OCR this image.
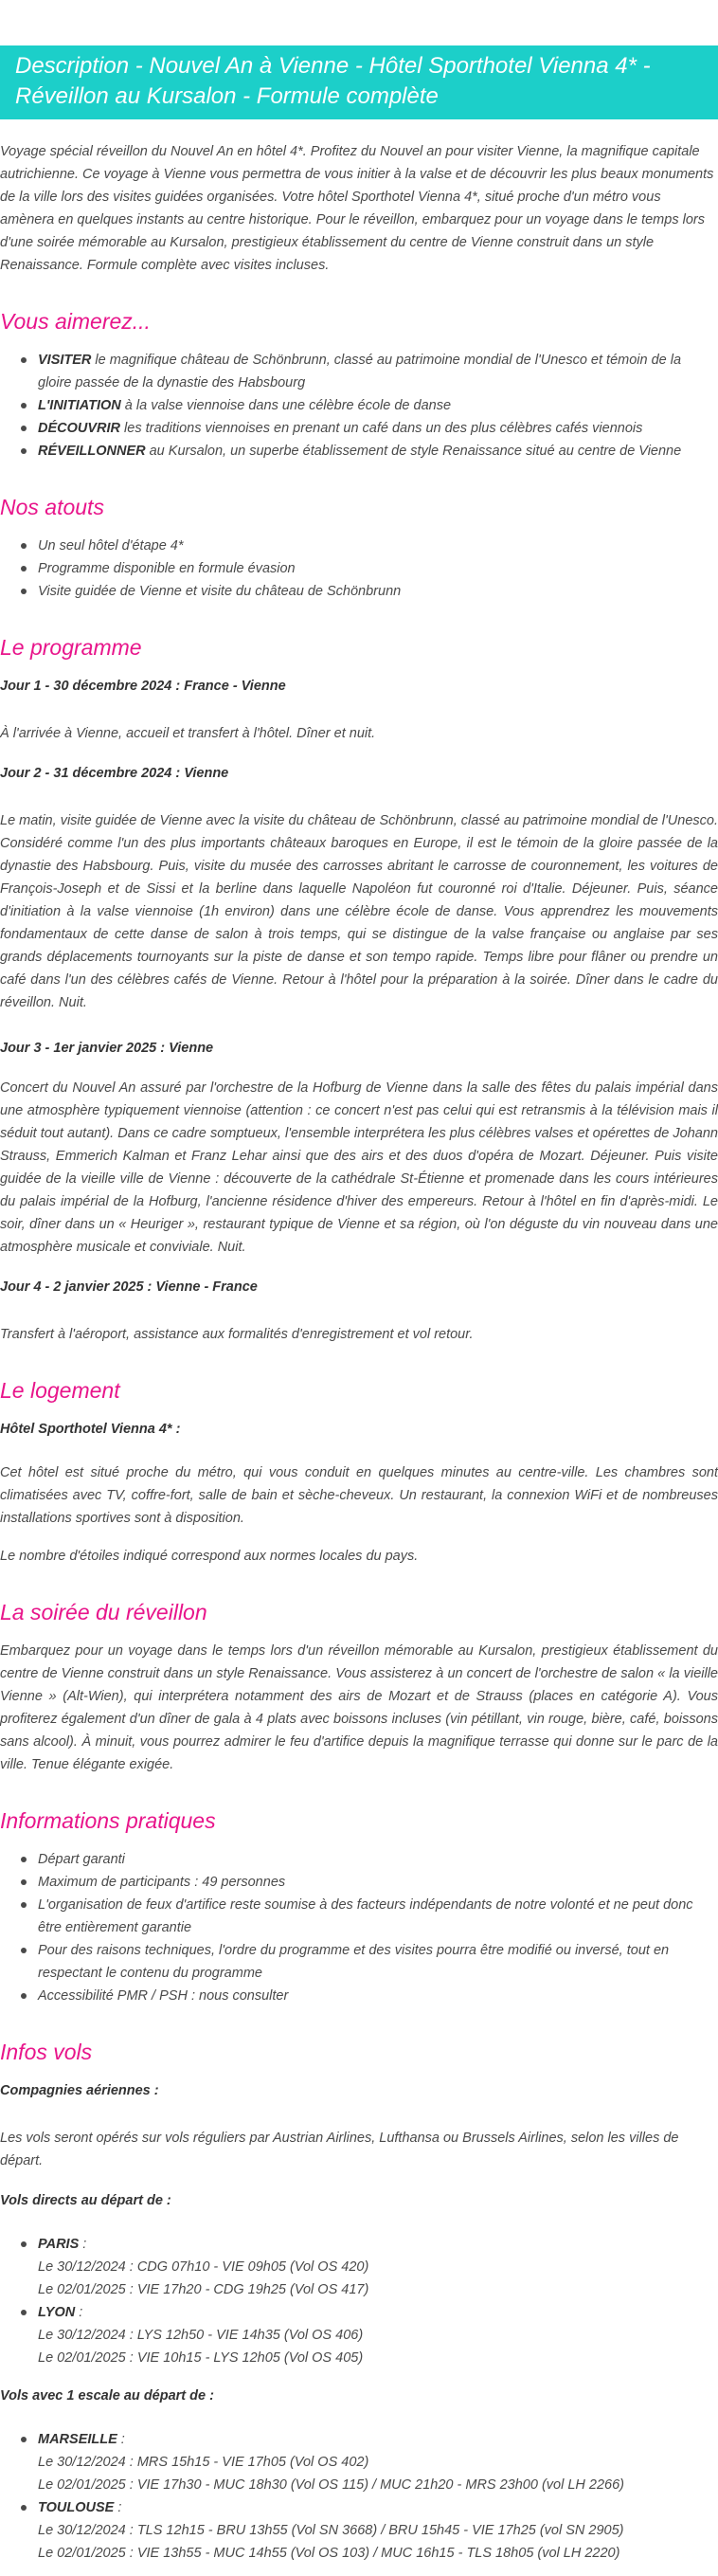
Description - Nouvel An à Vienne - Hôtel Sporthotel Vienna 4* - Réveillon au Kursalon - Formule complète

Voyage spécial réveillon du Nouvel An en hôtel 4*. Profitez du Nouvel an pour visiter Vienne, la magnifique capitale autrichienne. Ce voyage à Vienne vous permettra de vous initier à la valse et de découvrir les plus beaux monuments de la ville lors des visites guidées organisées. Votre hôtel Sporthotel Vienna 4*, situé proche d'un métro vous amènera en quelques instants au centre historique. Pour le réveillon, embarquez pour un voyage dans le temps lors d'une soirée mémorable au Kursalon, prestigieux établissement du centre de Vienne construit dans un style Renaissance. Formule complète avec visites incluses.

Vous aimerez...
VISITER le magnifique château de Schönbrunn, classé au patrimoine mondial de l'Unesco et témoin de la gloire passée de la dynastie des Habsbourg
L'INITIATION à la valse viennoise dans une célèbre école de danse
DÉCOUVRIR les traditions viennoises en prenant un café dans un des plus célèbres cafés viennois
RÉVEILLONNER au Kursalon, un superbe établissement de style Renaissance situé au centre de Vienne
Nos atouts
Un seul hôtel d'étape 4*
Programme disponible en formule évasion
Visite guidée de Vienne et visite du château de Schönbrunn
Le programme
Jour 1 - 30 décembre 2024 : France - Vienne

À l'arrivée à Vienne, accueil et transfert à l'hôtel. Dîner et nuit.

Jour 2 - 31 décembre 2024 : Vienne

Le matin, visite guidée de Vienne avec la visite du château de Schönbrunn, classé au patrimoine mondial de l'Unesco. Considéré comme l'un des plus importants châteaux baroques en Europe, il est le témoin de la gloire passée de la dynastie des Habsbourg. Puis, visite du musée des carrosses abritant le carrosse de couronnement, les voitures de François-Joseph et de Sissi et la berline dans laquelle Napoléon fut couronné roi d'Italie. Déjeuner. Puis, séance d'initiation à la valse viennoise (1h environ) dans une célèbre école de danse. Vous apprendrez les mouvements fondamentaux de cette danse de salon à trois temps, qui se distingue de la valse française ou anglaise par ses grands déplacements tournoyants sur la piste de danse et son tempo rapide. Temps libre pour flâner ou prendre un café dans l'un des célèbres cafés de Vienne. Retour à l'hôtel pour la préparation à la soirée. Dîner dans le cadre du réveillon. Nuit.

Jour 3 - 1er janvier 2025 : Vienne

Concert du Nouvel An assuré par l'orchestre de la Hofburg de Vienne dans la salle des fêtes du palais impérial dans une atmosphère typiquement viennoise (attention : ce concert n'est pas celui qui est retransmis à la télévision mais il séduit tout autant). Dans ce cadre somptueux, l'ensemble interprétera les plus célèbres valses et opérettes de Johann Strauss, Emmerich Kalman et Franz Lehar ainsi que des airs et des duos d'opéra de Mozart. Déjeuner. Puis visite guidée de la vieille ville de Vienne : découverte de la cathédrale St-Étienne et promenade dans les cours intérieures du palais impérial de la Hofburg, l'ancienne résidence d'hiver des empereurs. Retour à l'hôtel en fin d'après-midi. Le soir, dîner dans un « Heuriger », restaurant typique de Vienne et sa région, où l'on déguste du vin nouveau dans une atmosphère musicale et conviviale. Nuit.

Jour 4 - 2 janvier 2025 : Vienne - France

Transfert à l'aéroport, assistance aux formalités d'enregistrement et vol retour.

Le logement
Hôtel Sporthotel Vienna 4* :

Cet hôtel est situé proche du métro, qui vous conduit en quelques minutes au centre-ville. Les chambres sont climatisées avec TV, coffre-fort, salle de bain et sèche-cheveux. Un restaurant, la connexion WiFi et de nombreuses installations sportives sont à disposition.

Le nombre d'étoiles indiqué correspond aux normes locales du pays.

La soirée du réveillon

Embarquez pour un voyage dans le temps lors d'un réveillon mémorable au Kursalon, prestigieux établissement du centre de Vienne construit dans un style Renaissance. Vous assisterez à un concert de l'orchestre de salon « la vieille Vienne » (Alt-Wien), qui interprétera notamment des airs de Mozart et de Strauss (places en catégorie A). Vous profiterez également d'un dîner de gala à 4 plats avec boissons incluses (vin pétillant, vin rouge, bière, café, boissons sans alcool). À minuit, vous pourrez admirer le feu d'artifice depuis la magnifique terrasse qui donne sur le parc de la ville. Tenue élégante exigée.

Informations pratiques
Départ garanti
Maximum de participants : 49 personnes
L'organisation de feux d'artifice reste soumise à des facteurs indépendants de notre volonté et ne peut donc être entièrement garantie
Pour des raisons techniques, l'ordre du programme et des visites pourra être modifié ou inversé, tout en respectant le contenu du programme
Accessibilité PMR / PSH : nous consulter
Infos vols
Compagnies aériennes :

Les vols seront opérés sur vols réguliers par Austrian Airlines, Lufthansa ou Brussels Airlines, selon les villes de départ.

Vols directs au départ de :
PARIS :
Le 30/12/2024 : CDG 07h10 - VIE 09h05 (Vol OS 420)
Le 02/01/2025 : VIE 17h20 - CDG 19h25 (Vol OS 417)
LYON :
Le 30/12/2024 : LYS 12h50 - VIE 14h35 (Vol OS 406)
Le 02/01/2025 : VIE 10h15 - LYS 12h05 (Vol OS 405)
Vols avec 1 escale au départ de :
MARSEILLE :
Le 30/12/2024 : MRS 15h15 - VIE 17h05 (Vol OS 402)
Le 02/01/2025 : VIE 17h30 - MUC 18h30 (Vol OS 115) / MUC 21h20 - MRS 23h00 (vol LH 2266)
TOULOUSE :
Le 30/12/2024 : TLS 12h15 - BRU 13h55 (Vol SN 3668) / BRU 15h45 - VIE 17h25 (vol SN 2905)
Le 02/01/2025 : VIE 13h55 - MUC 14h55 (Vol OS 103) / MUC 16h15 - TLS 18h05 (vol LH 2220)
